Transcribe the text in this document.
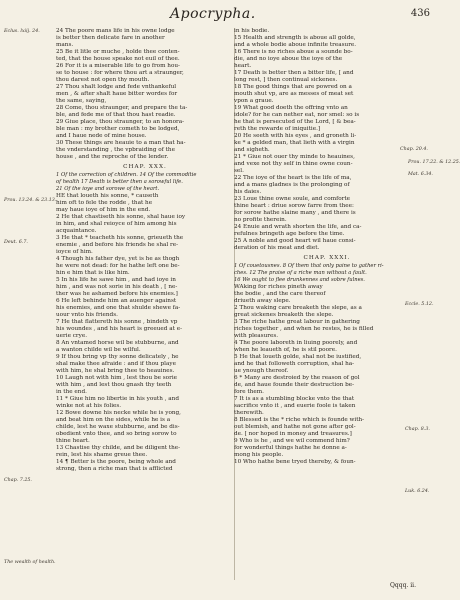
Apocrypha.	436
24 The poore mans life in his owne lodge
is better then delicate fare in another
mans.
25 Be it litle or muche , holde thee conten-
ted, that the house speake not euil of thee.
26 For it is a miserable life to go from hou-
se to house : for where thou art a straunger,
thou darest not open thy mouth.
27 Thou shalt lodge and fede vnthankeful
men , & after shalt haue bitter wordes for
the same, saying,
28 Come, thou straunger, and prepare the ta-
ble, and fede me of that thou hast readie.
29 Giue place, thou straunger, to an honora-
ble man : my brother cometh to be lodged,
and I haue nede of mine house.
30 These things are heauie to a man that ha-
the vnderstanding , the vpbraiding of the
house , and the reproche of the lender.
CHAP. XXX.
1 Of the correction of children. 14 Of the commoditie
of health 17 Death is better then a sorowful life.
21 Of the ioye and sorowe of the heart.
HE that loueth his sonne, * causeth
him oft to fele the rodde , that he
may haue ioye of him in the end.
2 He that chastiseth his sonne, shal haue ioy
in him, and shal reioyce of him among his
acquaintance.
3 He that * teacheth his sonne, grieueth the
enemie , and before his friends he shal re-
ioyce of him.
4 Though his father dye, yet is he as thogh
he were not dead: for he hathe left one be-
hin e him that is like him.
5 In his life he sawe him , and had ioye in
him , and was not sorie in his death , [ ne-
ther was he ashamed before his enemies.]
6 He left behinde him an auenger against
his enemies, and one that shulde shewe fa-
uour vnto his friends.
7 He that flattereth his sonne , bindeth vp
his woundes , and his heart is greeued at e-
uerie crye.
8 An vntamed horse wil be stubburne, and
a wanton childe wil be wilful.
9 If thou bring vp thy sonne delicately , he
shal make thee afraide : and if thou playe
with him, he shal bring thee to heauines.
10 Laugh not with him , lest thou be sorie
with him , and lest thou gnash thy teeth
in the end.
11 * Giue him no libertie in his youth , and
winke not at his folies.
12 Bowe downe his necke while he is yong,
and beat him on the sides, while he is a
childe, lest he waxe stubburne, and be dis-
obedient vnto thee, and so bring sorow to
thine heart.
13 Chastise thy childe, and be diligent the-
rein, lest his shame greue thee.
14 ¶ Better is the poore, being whole and
strong, then a riche man that is afflicted
in his bodie.
15 Health and strength is aboue all golde,
and a whole bodie aboue infinite treasure.
16 There is no riches aboue a sounde bo-
die, and no ioye aboue the ioye of the
heart.
17 Death is better then a bitter life, [ and
long rest, ] then continual sickenes.
18 The good things that are powred on a
mouth shut vp, are as messes of meat set
vpon a graue.
19 What good doeth the offring vnto an
idole? for he can nether eat, nor smel: so is
he that is persecuted of the Lord, [ & bea-
reth the rewarde of iniquitie.]
20 He seeth with his eyes , and groneth li-
ke * a gelded man, that lieth with a virgin
and sigheth.
21 * Giue not ouer thy minde to heauines,
and vexe not thy self in thine owne coun-
sel.
22 The ioye of the heart is the life of ma,
and a mans gladnes is the prolonging of
his daies.
23 Loue thine owne soule, and comforte
thine heart : driue sorow farre from thee:
for sorow hathe slaine many , and there is
no profite therein.
24 Enuie and wrath shorten the life, and ca-
refulnes bringeth age before the time.
25 A noble and good heart wil haue consi-
deration of his meat and diet.
CHAP. XXXI.
1 Of couetousnes. 8 Of them that only paine to gather ri-
ches. 12 The praise of a riche man without a fault.
16 We ought to flee drunkennes and sobre fulnes.
WAking for riches pineth away
the bodie , and the care thereof
driueth away slepe.
2 Thou waking care breaketh the slepe, as a
great sickenes breaketh the slepe.
3 The riche hathe great labour in gathering
riches together , and when he restes, he is filled
with pleasures.
4 The poore laboreth in liuing poorely, and
when he leaueth of, he is stil poore.
5 He that loueth golde, shal not be iustified,
and he that followeth corruption, shal ha-
ue ynough thereof.
6 * Many are destroied by the reason of gol
de, and haue founde their destruction be-
fore them.
7 It is as a stumbling blocke vnto the that
sacrifice vnto it , and euerie foole is taken
therewith.
8 Blessed is the * riche which is founde with-
out blemish, and hathe not gone after gol-
de. [ nor hoped in money and treasures.]
9 Who is he , and we wil commend him?
for wonderful things hathe he donne a-
mong his people.
10 Who hathe bene tryed thereby, & foun-
Eclus. lxiij. 24.
Prou. 13.24. & 23.13.
Deut. 6.7.
Chap. 7.25.
Chap. 20.4.
Prou. 17.22. & 12.25.
Mat. 6.34.
Eccle. 5.12.
Chap. 8.3.
Luk. 6.24.
The wealth of health.
Qqqq. ii.
